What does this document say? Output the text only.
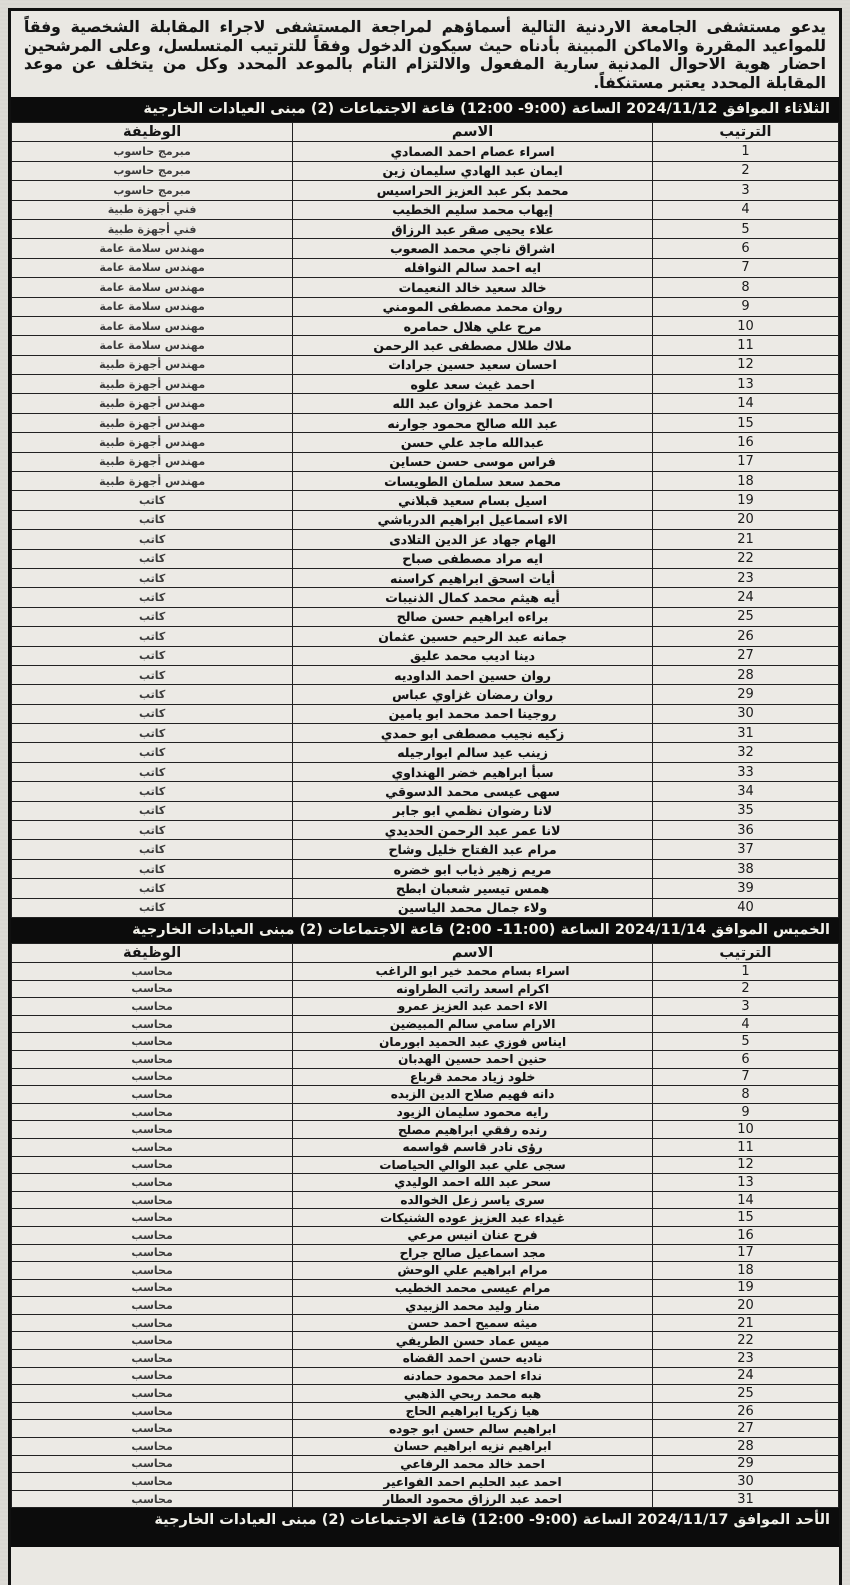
يدعو مستشفى الجامعة الاردنية التالية أسماؤهم لمراجعة المستشفى لاجراء المقابلة الشخصية وفقاً للمواعيد المقررة والاماكن المبينة بأدناه حيث سيكون الدخول وفقاً للترتيب المتسلسل، وعلى المرشحين احضار هوية الاحوال المدنية سارية المفعول والالتزام التام بالموعد المحدد وكل من يتخلف عن موعد المقابلة المحدد يعتبر مستنكفاً.
الثلاثاء الموافق 2024/11/12 الساعة (9:00- 12:00) قاعة الاجتماعات (2) مبنى العيادات الخارجية
الترتيب	الاسم	الوظيفة
1	اسراء عصام احمد الصمادي	مبرمج حاسوب
2	ايمان عبد الهادي سليمان زين	مبرمج حاسوب
3	محمد بكر عبد العزيز الحراسيس	مبرمج حاسوب
4	إيهاب محمد سليم الخطيب	فني أجهزة طبية
5	علاء يحيى صقر عبد الرزاق	فني أجهزة طبية
6	اشراق ناجي محمد الصعوب	مهندس سلامة عامة
7	ايه احمد سالم النوافله	مهندس سلامة عامة
8	خالد سعيد خالد النعيمات	مهندس سلامة عامة
9	روان محمد مصطفى المومني	مهندس سلامة عامة
10	مرح علي هلال حمامره	مهندس سلامة عامة
11	ملاك طلال مصطفى عبد الرحمن	مهندس سلامة عامة
12	احسان سعيد حسين جرادات	مهندس أجهزة طبية
13	احمد غيث سعد علوه	مهندس أجهزة طبية
14	احمد محمد غزوان عبد الله	مهندس أجهزة طبية
15	عبد الله صالح محمود جوارنه	مهندس أجهزة طبية
16	عبدالله ماجد علي حسن	مهندس أجهزة طبية
17	فراس موسى حسن حساين	مهندس أجهزة طبية
18	محمد سعد سلمان الطويسات	مهندس أجهزة طبية
19	اسيل بسام سعيد قبلاني	كاتب
20	الاء اسماعيل ابراهيم الدرباشي	كاتب
21	الهام جهاد عز الدين التلادى	كاتب
22	ايه مراد مصطفى صباح	كاتب
23	أيات اسحق ابراهيم كراسنه	كاتب
24	أيه هيثم محمد كمال الذنيبات	كاتب
25	براءه ابراهيم حسن صالح	كاتب
26	جمانه عبد الرحيم حسين عثمان	كاتب
27	دينا اديب محمد عليق	كاتب
28	روان حسين احمد الداوديه	كاتب
29	روان رمضان غزاوي عباس	كاتب
30	روجينا احمد محمد ابو يامين	كاتب
31	زكيه نجيب مصطفى ابو حمدي	كاتب
32	زينب عيد سالم ابوارجيله	كاتب
33	سبأ ابراهيم خضر الهنداوي	كاتب
34	سهى عيسى محمد الدسوقي	كاتب
35	لانا رضوان نظمي ابو جابر	كاتب
36	لانا عمر عبد الرحمن الحديدي	كاتب
37	مرام عبد الفتاح خليل وشاح	كاتب
38	مريم زهير ذياب ابو خضره	كاتب
39	همس تيسير شعبان ابطح	كاتب
40	ولاء جمال محمد الياسين	كاتب
الخميس الموافق 2024/11/14 الساعة (11:00- 2:00) قاعة الاجتماعات (2) مبنى العيادات الخارجية
الترتيب	الاسم	الوظيفة
1	اسراء بسام محمد خير ابو الراغب	محاسب
2	اكرام اسعد راتب الطراونه	محاسب
3	الاء احمد عبد العزيز عمرو	محاسب
4	الارام سامي سالم المبيضين	محاسب
5	ايناس فوزي عبد الحميد ابورمان	محاسب
6	حنين احمد حسين الهدبان	محاسب
7	خلود زياد محمد قرباع	محاسب
8	دانه فهيم صلاح الدين الزبده	محاسب
9	رايه محمود سليمان الزيود	محاسب
10	رنده رفقي ابراهيم مصلح	محاسب
11	رؤى نادر قاسم قواسمه	محاسب
12	سجى علي عبد الوالي الحياصات	محاسب
13	سحر عبد الله احمد الوليدي	محاسب
14	سرى ياسر زعل الخوالده	محاسب
15	غيداء عبد العزيز عوده الشنيكات	محاسب
16	فرح عنان انيس مرعي	محاسب
17	مجد اسماعيل صالح جراح	محاسب
18	مرام ابراهيم علي الوحش	محاسب
19	مرام عيسى محمد الخطيب	محاسب
20	منار وليد محمد الزبيدي	محاسب
21	ميثه سميح احمد حسن	محاسب
22	ميس عماد حسن الطريفي	محاسب
23	ناديه حسن احمد القضاه	محاسب
24	نداء احمد محمود حمادنه	محاسب
25	هبه محمد ربحي الذهبي	محاسب
26	هيا زكريا ابراهيم الحاج	محاسب
27	ابراهيم سالم حسن ابو جوده	محاسب
28	ابراهيم نزيه ابراهيم حسان	محاسب
29	احمد خالد محمد الرفاعي	محاسب
30	احمد عبد الحليم احمد الفواعير	محاسب
31	احمد عبد الرزاق محمود العطار	محاسب
الأحد الموافق 2024/11/17 الساعة (9:00- 12:00) قاعة الاجتماعات (2) مبنى العيادات الخارجية
